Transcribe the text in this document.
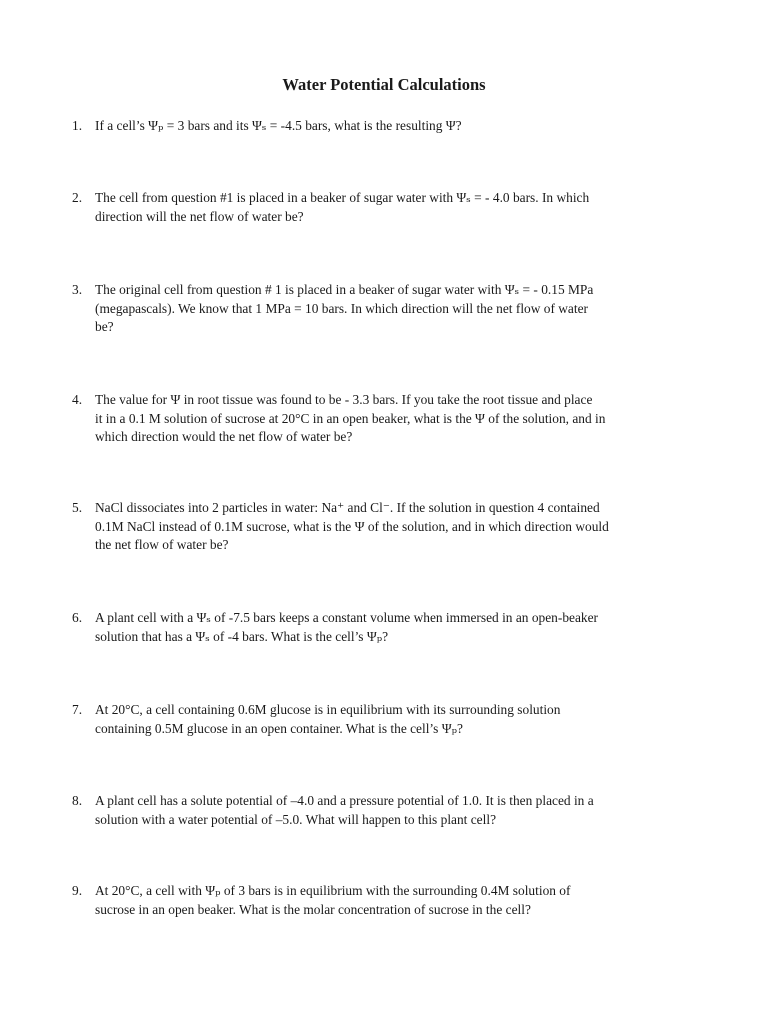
Water Potential Calculations
1. If a cell’s Ψₚ = 3 bars and its Ψₛ = -4.5 bars, what is the resulting Ψ?
2. The cell from question #1 is placed in a beaker of sugar water with Ψₛ = - 4.0 bars. In which
direction will the net flow of water be?
3. The original cell from question # 1 is placed in a beaker of sugar water with Ψₛ = - 0.15 MPa
(megapascals). We know that 1 MPa = 10 bars. In which direction will the net flow of water
be?
4. The value for Ψ in root tissue was found to be - 3.3 bars. If you take the root tissue and place
it in a 0.1 M solution of sucrose at 20°C in an open beaker, what is the Ψ of the solution, and in
which direction would the net flow of water be?
5. NaCl dissociates into 2 particles in water: Na⁺ and Cl⁻. If the solution in question 4 contained
0.1M NaCl instead of 0.1M sucrose, what is the Ψ of the solution, and in which direction would
the net flow of water be?
6. A plant cell with a Ψₛ of -7.5 bars keeps a constant volume when immersed in an open-beaker
solution that has a Ψₛ of -4 bars. What is the cell’s Ψₚ?
7. At 20°C, a cell containing 0.6M glucose is in equilibrium with its surrounding solution
containing 0.5M glucose in an open container. What is the cell’s Ψₚ?
8. A plant cell has a solute potential of –4.0 and a pressure potential of 1.0. It is then placed in a
solution with a water potential of –5.0. What will happen to this plant cell?
9. At 20°C, a cell with Ψₚ of 3 bars is in equilibrium with the surrounding 0.4M solution of
sucrose in an open beaker. What is the molar concentration of sucrose in the cell?
